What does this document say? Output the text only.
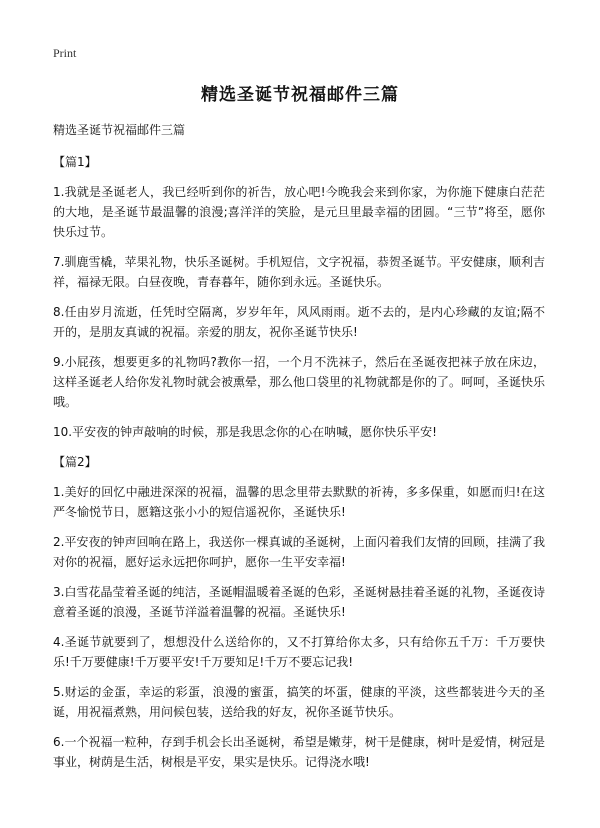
Print
精选圣诞节祝福邮件三篇
精选圣诞节祝福邮件三篇
【篇1】

1.我就是圣诞老人，我已经听到你的祈告，放心吧!今晚我会来到你家，为你施下健康白茫茫的大地，是圣诞节最温馨的浪漫;喜洋洋的笑脸，是元旦里最幸福的团圆。“三节”将至，愿你快乐过节。

7.驯鹿雪橇，苹果礼物，快乐圣诞树。手机短信，文字祝福，恭贺圣诞节。平安健康，顺利吉祥，福禄无限。白昼夜晚，青春暮年，随你到永远。圣诞快乐。

8.任由岁月流逝，任凭时空隔离，岁岁年年，风风雨雨。逝不去的，是内心珍藏的友谊;隔不开的，是朋友真诚的祝福。亲爱的朋友，祝你圣诞节快乐!

9.小屁孩，想要更多的礼物吗?教你一招，一个月不洗袜子，然后在圣诞夜把袜子放在床边，这样圣诞老人给你发礼物时就会被熏晕，那么他口袋里的礼物就都是你的了。呵呵，圣诞快乐哦。

10.平安夜的钟声敲响的时候，那是我思念你的心在呐喊，愿你快乐平安!

【篇2】

1.美好的回忆中融进深深的祝福，温馨的思念里带去默默的祈祷，多多保重，如愿而归!在这严冬愉悦节日，愿籍这张小小的短信遥祝你，圣诞快乐!

2.平安夜的钟声回响在路上，我送你一棵真诚的圣诞树，上面闪着我们友情的回顾，挂满了我对你的祝福，愿好运永远把你呵护，愿你一生平安幸福!

3.白雪花晶莹着圣诞的纯洁，圣诞帽温暖着圣诞的色彩，圣诞树悬挂着圣诞的礼物，圣诞夜诗意着圣诞的浪漫，圣诞节洋溢着温馨的祝福。圣诞快乐!

4.圣诞节就要到了，想想没什么送给你的，又不打算给你太多，只有给你五千万：千万要快乐!千万要健康!千万要平安!千万要知足!千万不要忘记我!

5.财运的金蛋，幸运的彩蛋，浪漫的蜜蛋，搞笑的坏蛋，健康的平淡，这些都装进今天的圣诞，用祝福煮熟，用问候包装，送给我的好友，祝你圣诞节快乐。

6.一个祝福一粒种，存到手机会长出圣诞树，希望是嫩芽，树干是健康，树叶是爱情，树冠是事业，树荫是生活，树根是平安，果实是快乐。记得浇水哦!
